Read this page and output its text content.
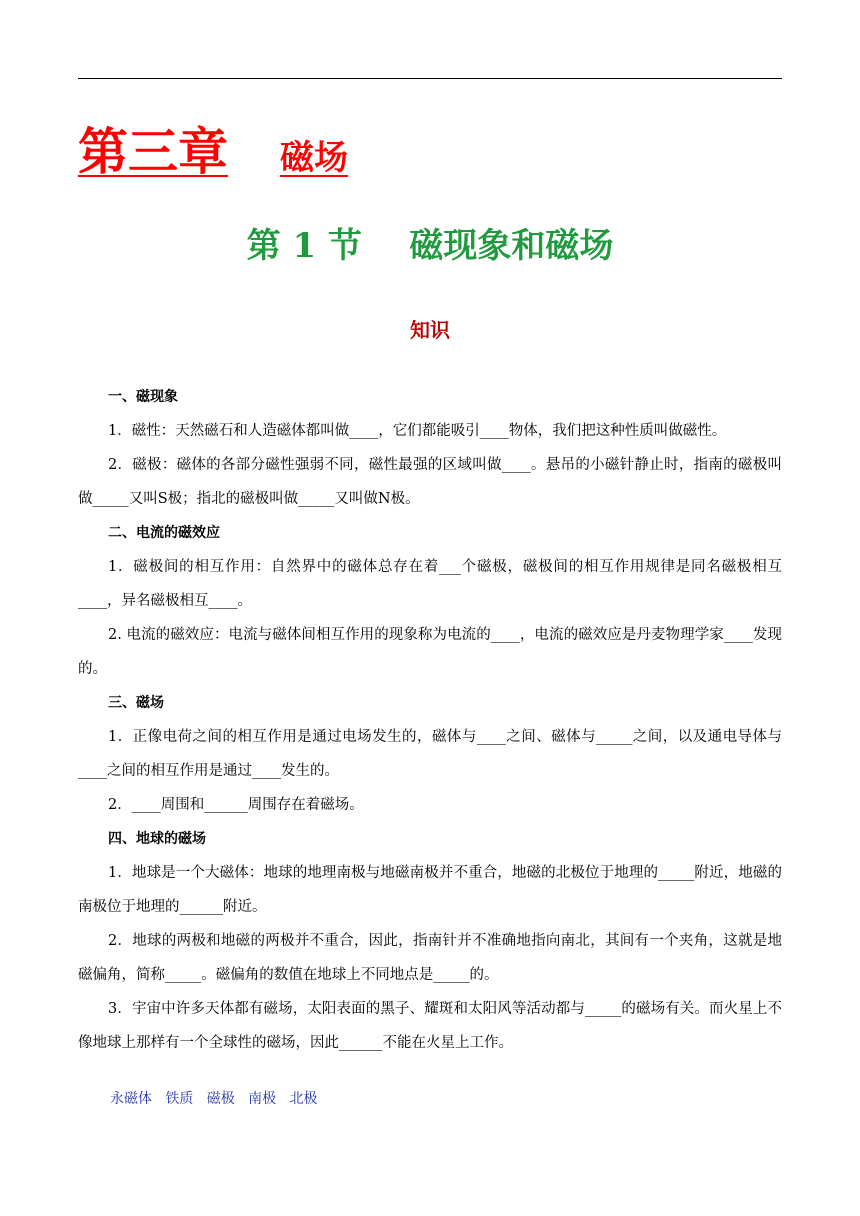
第三章 磁场
第 1 节    磁现象和磁场
知识
一、磁现象
1．磁性：天然磁石和人造磁体都叫做____，它们都能吸引____物体，我们把这种性质叫做磁性。
2．磁极：磁体的各部分磁性强弱不同，磁性最强的区域叫做____。悬吊的小磁针静止时，指南的磁极叫做_____又叫S极；指北的磁极叫做_____又叫做N极。
二、电流的磁效应
1．磁极间的相互作用：自然界中的磁体总存在着___个磁极，磁极间的相互作用规律是同名磁极相互____，异名磁极相互____。
2. 电流的磁效应：电流与磁体间相互作用的现象称为电流的____，电流的磁效应是丹麦物理学家____发现的。
三、磁场
1．正像电荷之间的相互作用是通过电场发生的，磁体与____之间、磁体与_____之间，以及通电导体与____之间的相互作用是通过____发生的。
2．____周围和______周围存在着磁场。
四、地球的磁场
1．地球是一个大磁体：地球的地理南极与地磁南极并不重合，地磁的北极位于地理的_____附近，地磁的南极位于地理的______附近。
2．地球的两极和地磁的两极并不重合，因此，指南针并不准确地指向南北，其间有一个夹角，这就是地磁偏角，简称_____。磁偏角的数值在地球上不同地点是_____的。
3．宇宙中许多天体都有磁场，太阳表面的黑子、耀斑和太阳风等活动都与_____的磁场有关。而火星上不像地球上那样有一个全球性的磁场，因此______不能在火星上工作。
永磁体 铁质 磁极 南极 北极
